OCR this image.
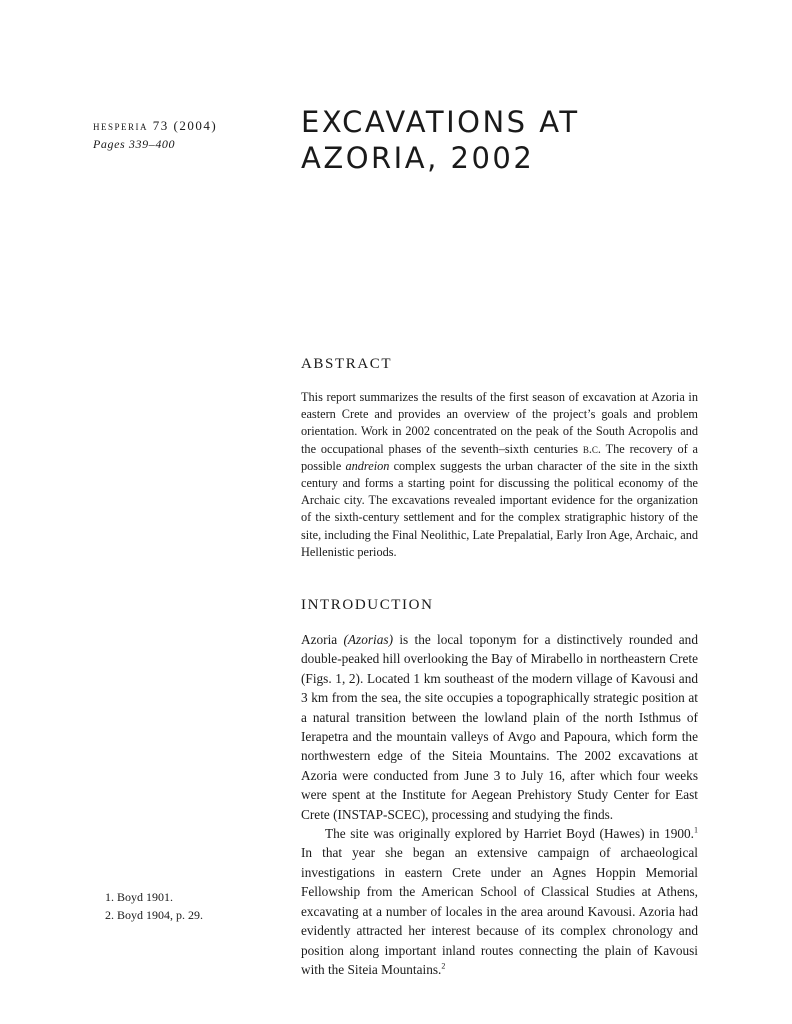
hesperia 73 (2004)
Pages 339–400
EXCAVATIONS AT
AZORIA, 2002
ABSTRACT

This report summarizes the results of the first season of excavation at Azoria in eastern Crete and provides an overview of the project’s goals and problem orientation. Work in 2002 concentrated on the peak of the South Acropolis and the occupational phases of the seventh–sixth centuries b.c. The recovery of a possible andreion complex suggests the urban character of the site in the sixth century and forms a starting point for discussing the political economy of the Archaic city. The excavations revealed important evidence for the organization of the sixth-century settlement and for the complex stratigraphic history of the site, including the Final Neolithic, Late Prepalatial, Early Iron Age, Archaic, and Hellenistic periods.

INTRODUCTION

Azoria (Azorias) is the local toponym for a distinctively rounded and double-peaked hill overlooking the Bay of Mirabello in northeastern Crete (Figs. 1, 2). Located 1 km southeast of the modern village of Kavousi and 3 km from the sea, the site occupies a topographically strategic position at a natural transition between the lowland plain of the north Isthmus of Ierapetra and the mountain valleys of Avgo and Papoura, which form the northwestern edge of the Siteia Mountains. The 2002 excavations at Azoria were conducted from June 3 to July 16, after which four weeks were spent at the Institute for Aegean Prehistory Study Center for East Crete (INSTAP-SCEC), processing and studying the finds.

The site was originally explored by Harriet Boyd (Hawes) in 1900.$^1$ In that year she began an extensive campaign of archaeological investigations in eastern Crete under an Agnes Hoppin Memorial Fellowship from the American School of Classical Studies at Athens, excavating at a number of locales in the area around Kavousi. Azoria had evidently attracted her interest because of its complex chronology and position along important inland routes connecting the plain of Kavousi with the Siteia Mountains.$^2$

1. Boyd 1901.
2. Boyd 1904, p. 29.
